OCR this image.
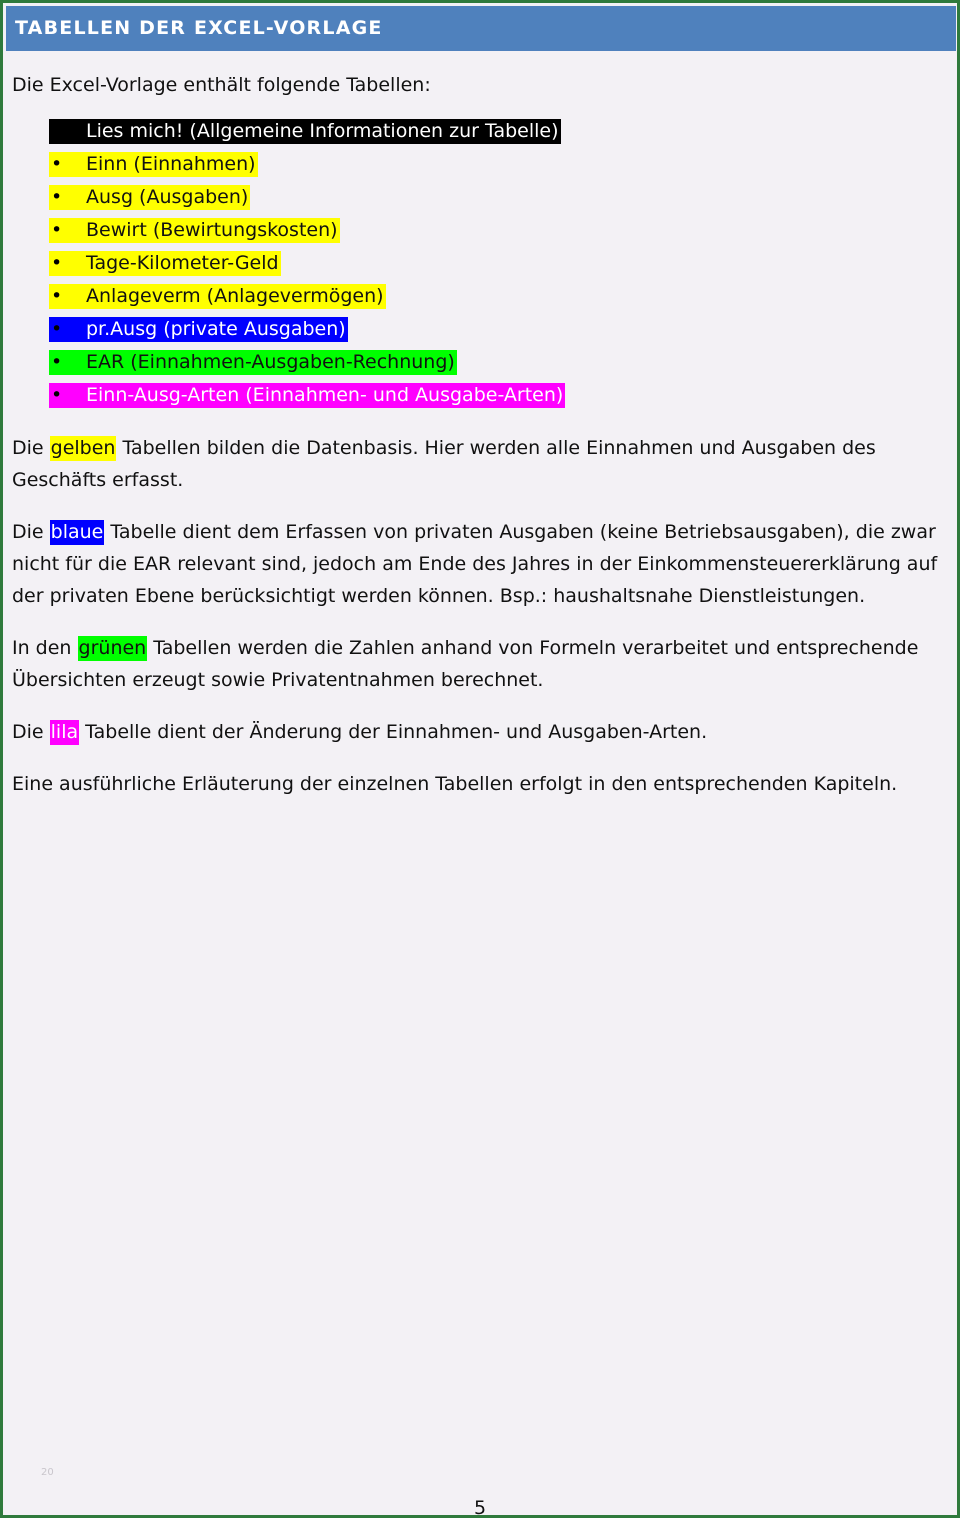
TABELLEN DER EXCEL-VORLAGE

Die Excel-Vorlage enthält folgende Tabellen:

• Lies mich! (Allgemeine Informationen zur Tabelle)
• Einn (Einnahmen)
• Ausg (Ausgaben)
• Bewirt (Bewirtungskosten)
• Tage-Kilometer-Geld
• Anlageverm (Anlagevermögen)
• pr.Ausg (private Ausgaben)
• EAR (Einnahmen-Ausgaben-Rechnung)
• Einn-Ausg-Arten (Einnahmen- und Ausgabe-Arten)

Die gelben Tabellen bilden die Datenbasis. Hier werden alle Einnahmen und Ausgaben des Geschäfts erfasst.

Die blaue Tabelle dient dem Erfassen von privaten Ausgaben (keine Betriebsausgaben), die zwar nicht für die EAR relevant sind, jedoch am Ende des Jahres in der Einkommensteuererklärung auf der privaten Ebene berücksichtigt werden können. Bsp.: haushaltsnahe Dienstleistungen.

In den grünen Tabellen werden die Zahlen anhand von Formeln verarbeitet und entsprechende Übersichten erzeugt sowie Privatentnahmen berechnet.

Die lila Tabelle dient der Änderung der Einnahmen- und Ausgaben-Arten.

Eine ausführliche Erläuterung der einzelnen Tabellen erfolgt in den entsprechenden Kapiteln.

20
5
